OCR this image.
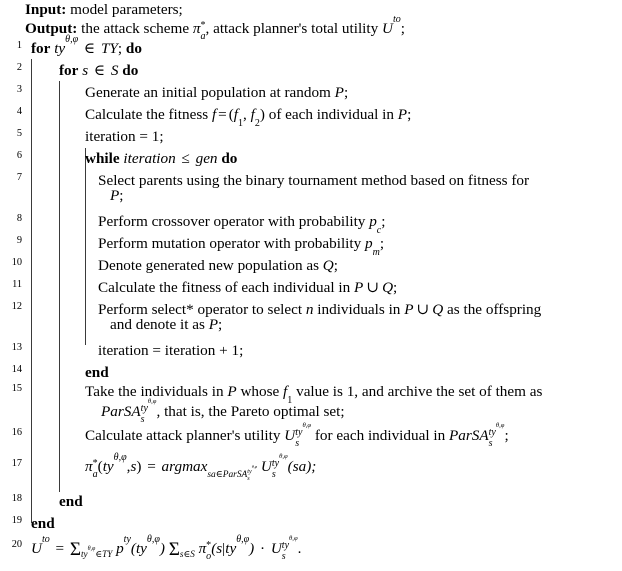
Input: model parameters;
Output: the attack scheme π *
a , attack planner's total utility $U^{to}$;
1 for $ty^{\theta,\varphi}$ ∈ TY; do
2 for s ∈ S do
3	Generate an initial population at random P;
4	Calculate the fitness $f = (f_1$, $f_2$) of each individual in P;
5	iteration = 1;
6	while iteration ≤ gen do
7	Select parents using the binary tournament method based on fitness for
P;
8	Perform crossover operator with probability $p_c$;
9	Perform mutation operator with probability $p_m$;
10	Denote generated new population as Q;
11	Calculate the fitness of each individual in P ∪ Q;
12	Perform select* operator to select n individuals in P ∪ Q as the offspring
and denote it as P;
13	iteration = iteration + 1;
14	end
15	Take the individuals in P whose $f_1$ value is 1, and archive the set of them as
ParSA $ty^{\theta,\varphi}$
s , that is, the Pareto optimal set;
16	Calculate attack planner's utility U $ty^{\theta,\varphi}$
s	for each individual in ParSA $ty^{\theta,\varphi}$
s ;
17	π *
a $(ty^{\theta,\varphi},s) = argmax_{sa\in ParSA ty^{\theta,\varphi} s}$
U $ty^{\theta,\varphi}$
s (sa);
18 end
19 end
20 $U^{to} = \Sigma_{ty^{\theta,\varphi}\in TY}$ $p^{ty}(ty^{\theta,\varphi})$ $\Sigma_{s\in S}$ π *
o $(s|ty^{\theta,\varphi}) \cdot U$ $ty^{\theta,\varphi}$
s .
